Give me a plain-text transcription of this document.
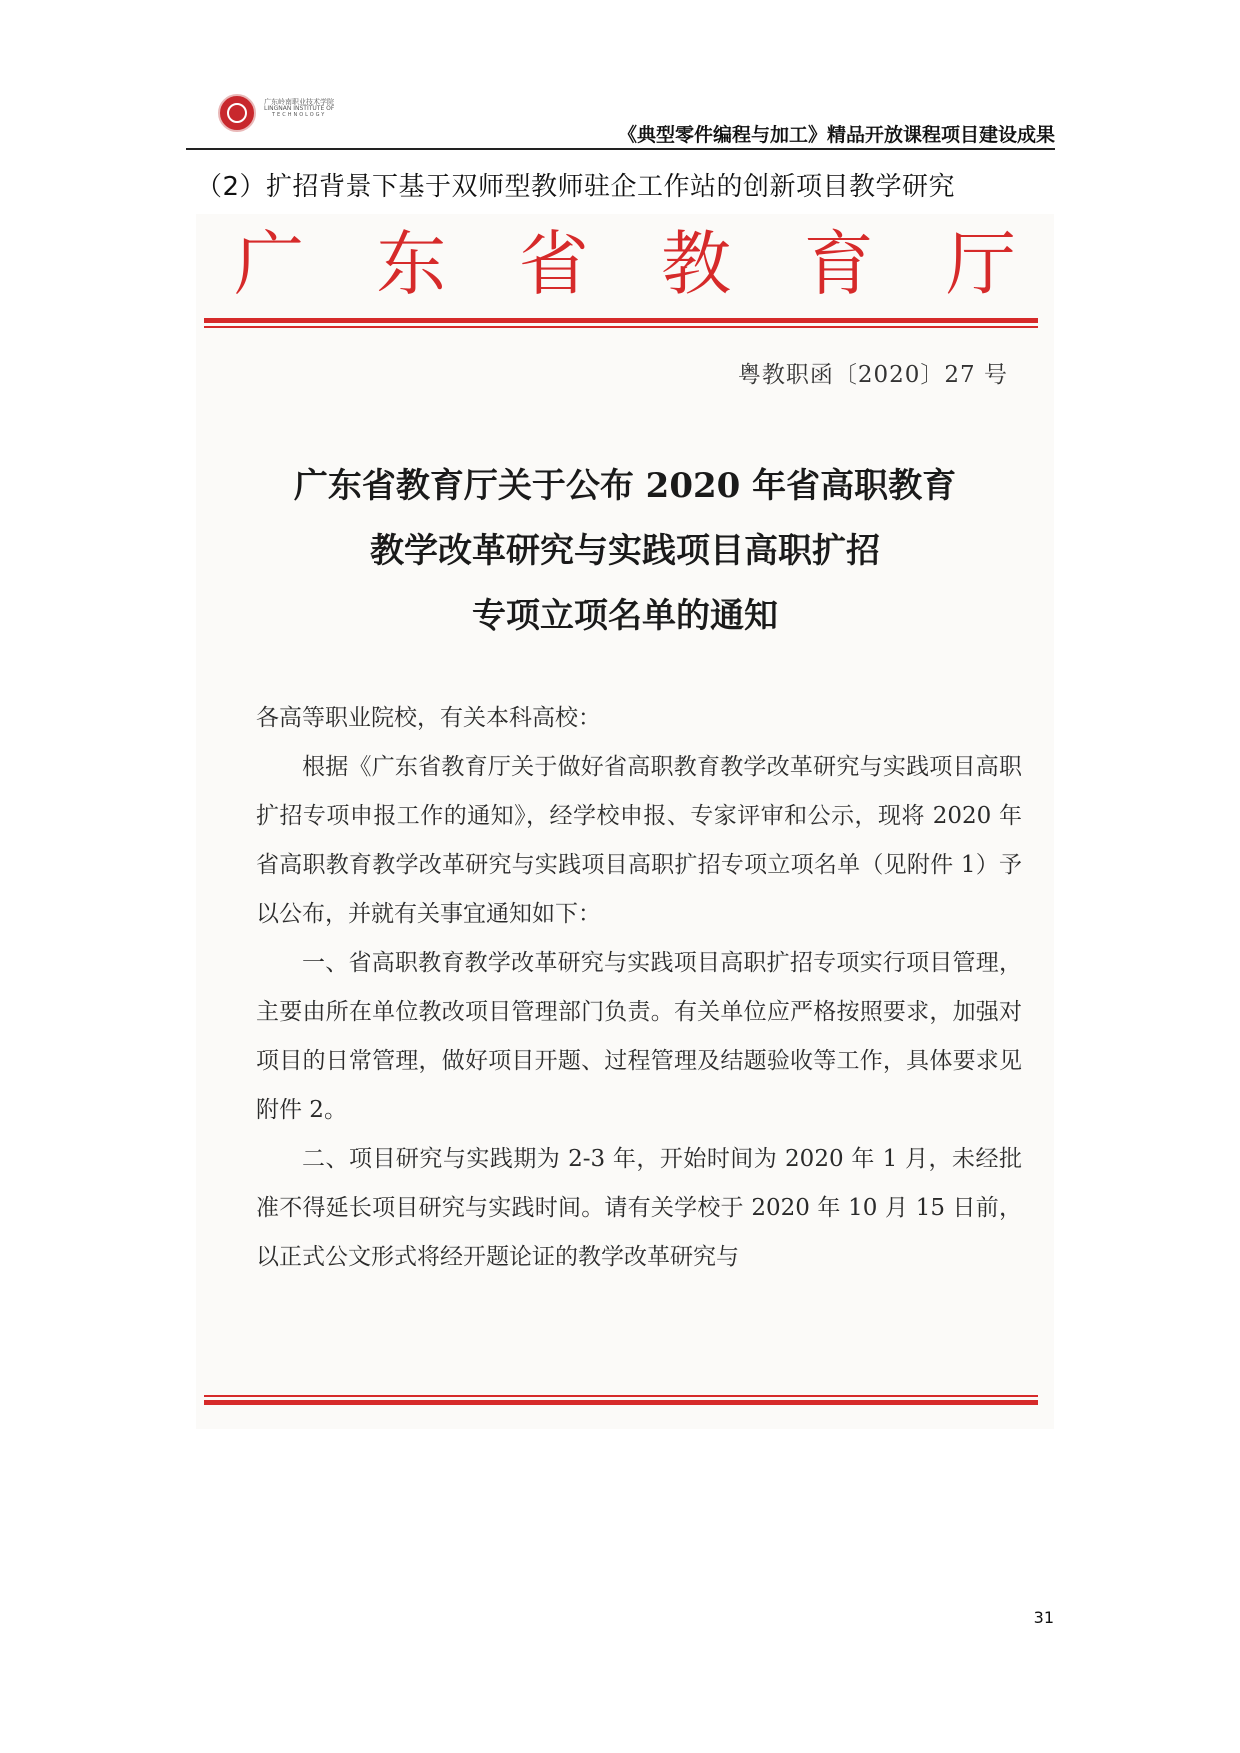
广东岭南职业技术学院
LINGNAN INSTITUTE OF
TECHNOLOGY
《典型零件编程与加工》精品开放课程项目建设成果
（2）扩招背景下基于双师型教师驻企工作站的创新项目教学研究
广 东 省 教 育 厅
粤教职函〔2020〕27 号
广东省教育厅关于公布 2020 年省高职教育
教学改革研究与实践项目高职扩招
专项立项名单的通知

各高等职业院校，有关本科高校：

根据《广东省教育厅关于做好省高职教育教学改革研究与实践项目高职扩招专项申报工作的通知》，经学校申报、专家评审和公示，现将 2020 年省高职教育教学改革研究与实践项目高职扩招专项立项名单（见附件 1）予以公布，并就有关事宜通知如下：

一、省高职教育教学改革研究与实践项目高职扩招专项实行项目管理，主要由所在单位教改项目管理部门负责。有关单位应严格按照要求，加强对项目的日常管理，做好项目开题、过程管理及结题验收等工作，具体要求见附件 2。

二、项目研究与实践期为 2-3 年，开始时间为 2020 年 1 月，未经批准不得延长项目研究与实践时间。请有关学校于 2020 年 10 月 15 日前，以正式公文形式将经开题论证的教学改革研究与

31
